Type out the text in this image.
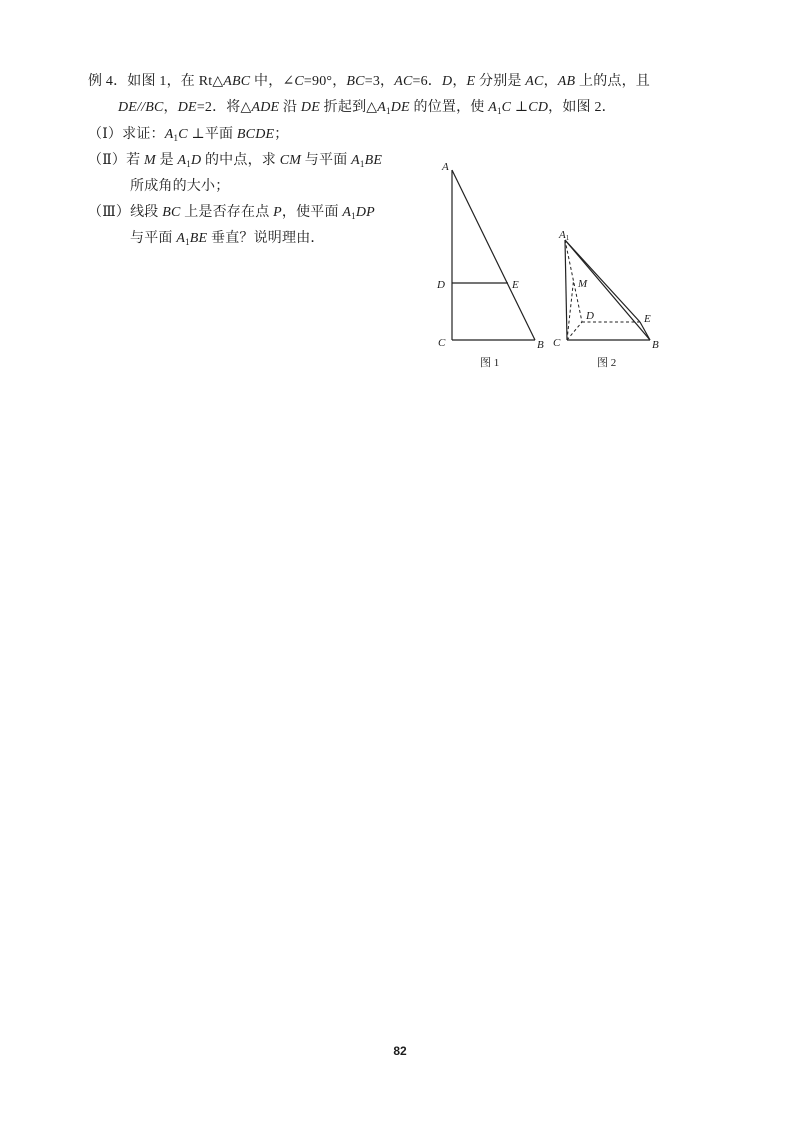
例 4．如图 1，在 Rt△ABC 中，∠C=90°，BC=3，AC=6．D，E 分别是 AC，AB 上的点，且
DE//BC，DE=2．将△ADE 沿 DE 折起到$\triangle A_1DE$ 的位置，使 $A_1C$ ⊥CD，如图 2．
（Ⅰ）求证：$A_1C$ ⊥平面 BCDE；
（Ⅱ）若 M 是 $A_1D$ 的中点，求 CM 与平面 $A_1BE$
所成角的大小；
（Ⅲ）线段 BC 上是否存在点 P，使平面 $A_1DP$
与平面 $A_1BE$ 垂直？说明理由．
A
D	E
C	B
图 1
A1
M
D	E
C	B
图 2
82
